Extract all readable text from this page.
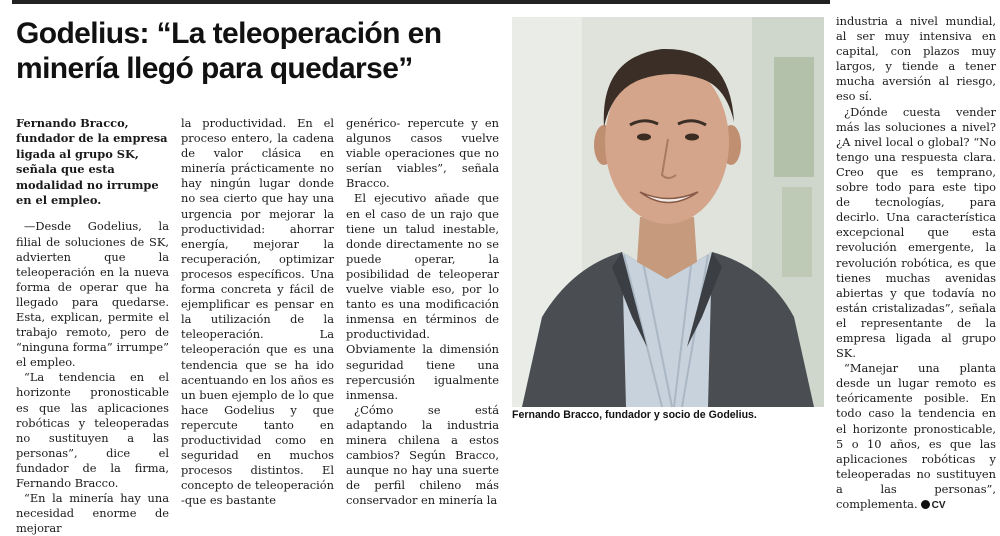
Godelius: “La teleoperación en minería llegó para quedarse”

Fernando Bracco, fundador de la empresa ligada al grupo SK, señala que esta modalidad no irrumpe en el empleo.

—Desde Godelius, la filial de soluciones de SK, advierten que la teleoperación en la nueva forma de operar que ha llegado para quedarse. Esta, explican, permite el trabajo remoto, pero de “ninguna forma” irrumpe” el empleo.

“La tendencia en el horizonte pronosticable es que las aplicaciones robóticas y teleoperadas no sustituyen a las personas”, dice el fundador de la firma, Fernando Bracco.

“En la minería hay una necesidad enorme de mejorar

la productividad. En el proceso entero, la cadena de valor clásica en minería prácticamente no hay ningún lugar donde no sea cierto que hay una urgencia por mejorar la productividad: ahorrar energía, mejorar la recuperación, optimizar procesos específicos. Una forma concreta y fácil de ejemplificar es pensar en la utilización de la teleoperación. La teleoperación que es una tendencia que se ha ido acentuando en los años es un buen ejemplo de lo que hace Godelius y que repercute tanto en productividad como en seguridad en muchos procesos distintos. El concepto de teleoperación -que es bastante

genérico- repercute y en algunos casos vuelve viable operaciones que no serían viables”, señala Bracco.

El ejecutivo añade que en el caso de un rajo que tiene un talud inestable, donde directamente no se puede operar, la posibilidad de teleoperar vuelve viable eso, por lo tanto es una modificación inmensa en términos de productividad. Obviamente la dimensión seguridad tiene una repercusión igualmente inmensa.

¿Cómo se está adaptando la industria minera chilena a estos cambios? Según Bracco, aunque no hay una suerte de perfil chileno más conservador en minería la

Fernando Bracco, fundador y socio de Godelius.

industria a nivel mundial, al ser muy intensiva en capital, con plazos muy largos, y tiende a tener mucha aversión al riesgo, eso sí.

¿Dónde cuesta vender más las soluciones a nivel? ¿A nivel local o global? “No tengo una respuesta clara. Creo que es temprano, sobre todo para este tipo de tecnologías, para decirlo. Una característica excepcional que esta revolución emergente, la revolución robótica, es que tienes muchas avenidas abiertas y que todavía no están cristalizadas”, señala el representante de la empresa ligada al grupo SK.

“Manejar una planta desde un lugar remoto es teóricamente posible. En todo caso la tendencia en el horizonte pronosticable, 5 o 10 años, es que las aplicaciones robóticas y teleoperadas no sustituyen a las personas”, complementa. CV
